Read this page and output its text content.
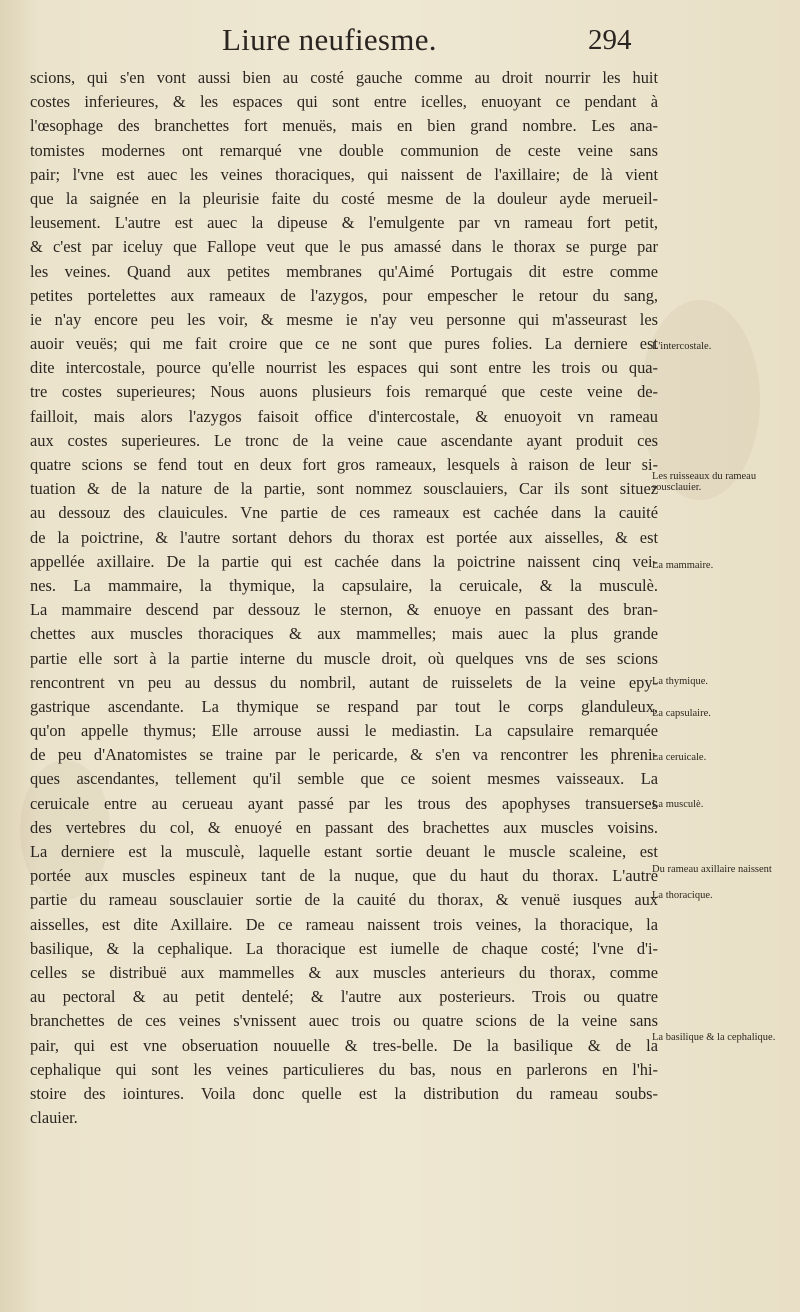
Liure neufiesme.	294
scions, qui s'en vont aussi bien au costé gauche comme au droit nourrir les huit
costes inferieures, & les espaces qui sont entre icelles, enuoyant ce pendant à
l'œsophage des branchettes fort menuës, mais en bien grand nombre. Les ana-
tomistes modernes ont remarqué vne double communion de ceste veine sans
pair; l'vne est auec les veines thoraciques, qui naissent de l'axillaire; de là vient
que la saignée en la pleurisie faite du costé mesme de la douleur ayde merueil-
leusement. L'autre est auec la dipeuse & l'emulgente par vn rameau fort petit,
& c'est par iceluy que Fallope veut que le pus amassé dans le thorax se purge par
les veines. Quand aux petites membranes qu'Aimé Portugais dit estre comme
petites portelettes aux rameaux de l'azygos, pour empescher le retour du sang,
ie n'ay encore peu les voir, & mesme ie n'ay veu personne qui m'asseurast les
auoir veuës; qui me fait croire que ce ne sont que pures folies. La derniere est
dite intercostale, pource qu'elle nourrist les espaces qui sont entre les trois ou qua-
tre costes superieures; Nous auons plusieurs fois remarqué que ceste veine de-
failloit, mais alors l'azygos faisoit office d'intercostale, & enuoyoit vn rameau
aux costes superieures. Le tronc de la veine caue ascendante ayant produit ces
quatre scions se fend tout en deux fort gros rameaux, lesquels à raison de leur si-
tuation & de la nature de la partie, sont nommez sousclauiers, Car ils sont situez
au dessouz des clauicules. Vne partie de ces rameaux est cachée dans la cauité
de la poictrine, & l'autre sortant dehors du thorax est portée aux aisselles, & est
appellée axillaire. De la partie qui est cachée dans la poictrine naissent cinq vei-
nes. La mammaire, la thymique, la capsulaire, la ceruicale, & la musculè.
La mammaire descend par dessouz le sternon, & enuoye en passant des bran-
chettes aux muscles thoraciques & aux mammelles; mais auec la plus grande
partie elle sort à la partie interne du muscle droit, où quelques vns de ses scions
rencontrent vn peu au dessus du nombril, autant de ruisselets de la veine epy-
gastrique ascendante. La thymique se respand par tout le corps glanduleux,
qu'on appelle thymus; Elle arrouse aussi le mediastin. La capsulaire remarquée
de peu d'Anatomistes se traine par le pericarde, & s'en va rencontrer les phreni-
ques ascendantes, tellement qu'il semble que ce soient mesmes vaisseaux. La
ceruicale entre au cerueau ayant passé par les trous des apophyses transuerses
des vertebres du col, & enuoyé en passant des brachettes aux muscles voisins.
La derniere est la musculè, laquelle estant sortie deuant le muscle scaleine, est
portée aux muscles espineux tant de la nuque, que du haut du thorax. L'autre
partie du rameau sousclauier sortie de la cauité du thorax, & venuë iusques aux
aisselles, est dite Axillaire. De ce rameau naissent trois veines, la thoracique, la
basilique, & la cephalique. La thoracique est iumelle de chaque costé; l'vne d'i-
celles se distribuë aux mammelles & aux muscles anterieurs du thorax, comme
au pectoral & au petit dentelé; & l'autre aux posterieurs. Trois ou quatre
branchettes de ces veines s'vnissent auec trois ou quatre scions de la veine sans
pair, qui est vne obseruation nouuelle & tres-belle. De la basilique & de la
cephalique qui sont les veines particulieres du bas, nous en parlerons en l'hi-
stoire des iointures. Voila donc quelle est la distribution du rameau soubs-
clauier.
L'intercostale.
Les ruisseaux du rameau sousclauier.
La mammaire.
La thymique.
La capsulaire.
La ceruicale.
La musculè.
Du rameau axillaire naissent
La thoracique.
La basilique & la cephalique.
